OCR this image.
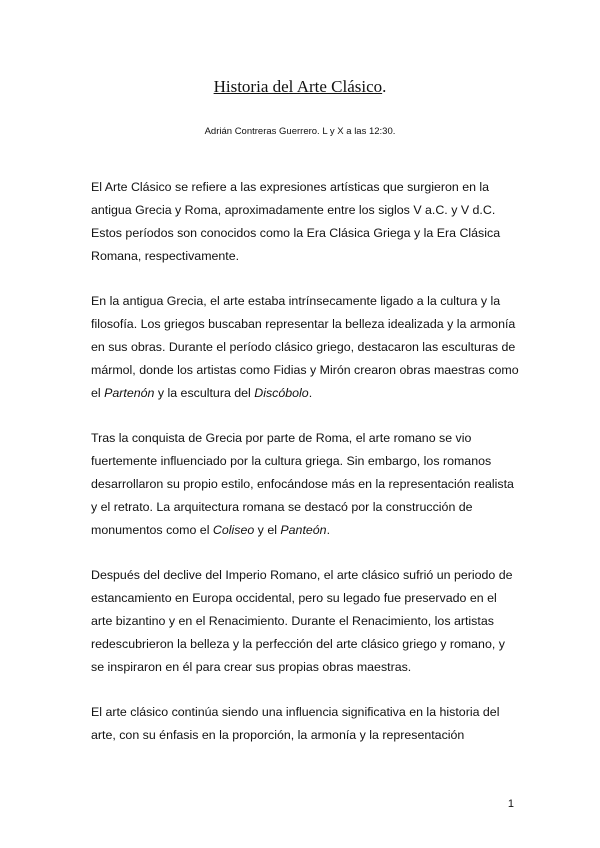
Historia del Arte Clásico.
Adrián Contreras Guerrero. L y X a las 12:30.

El Arte Clásico se refiere a las expresiones artísticas que surgieron en la antigua Grecia y Roma, aproximadamente entre los siglos V a.C. y V d.C. Estos períodos son conocidos como la Era Clásica Griega y la Era Clásica Romana, respectivamente.

En la antigua Grecia, el arte estaba intrínsecamente ligado a la cultura y la filosofía. Los griegos buscaban representar la belleza idealizada y la armonía en sus obras. Durante el período clásico griego, destacaron las esculturas de mármol, donde los artistas como Fidias y Mirón crearon obras maestras como el Partenón y la escultura del Discóbolo.

Tras la conquista de Grecia por parte de Roma, el arte romano se vio fuertemente influenciado por la cultura griega. Sin embargo, los romanos desarrollaron su propio estilo, enfocándose más en la representación realista y el retrato. La arquitectura romana se destacó por la construcción de monumentos como el Coliseo y el Panteón.

Después del declive del Imperio Romano, el arte clásico sufrió un periodo de estancamiento en Europa occidental, pero su legado fue preservado en el arte bizantino y en el Renacimiento. Durante el Renacimiento, los artistas redescubrieron la belleza y la perfección del arte clásico griego y romano, y se inspiraron en él para crear sus propias obras maestras.

El arte clásico continúa siendo una influencia significativa en la historia del arte, con su énfasis en la proporción, la armonía y la representación

1
